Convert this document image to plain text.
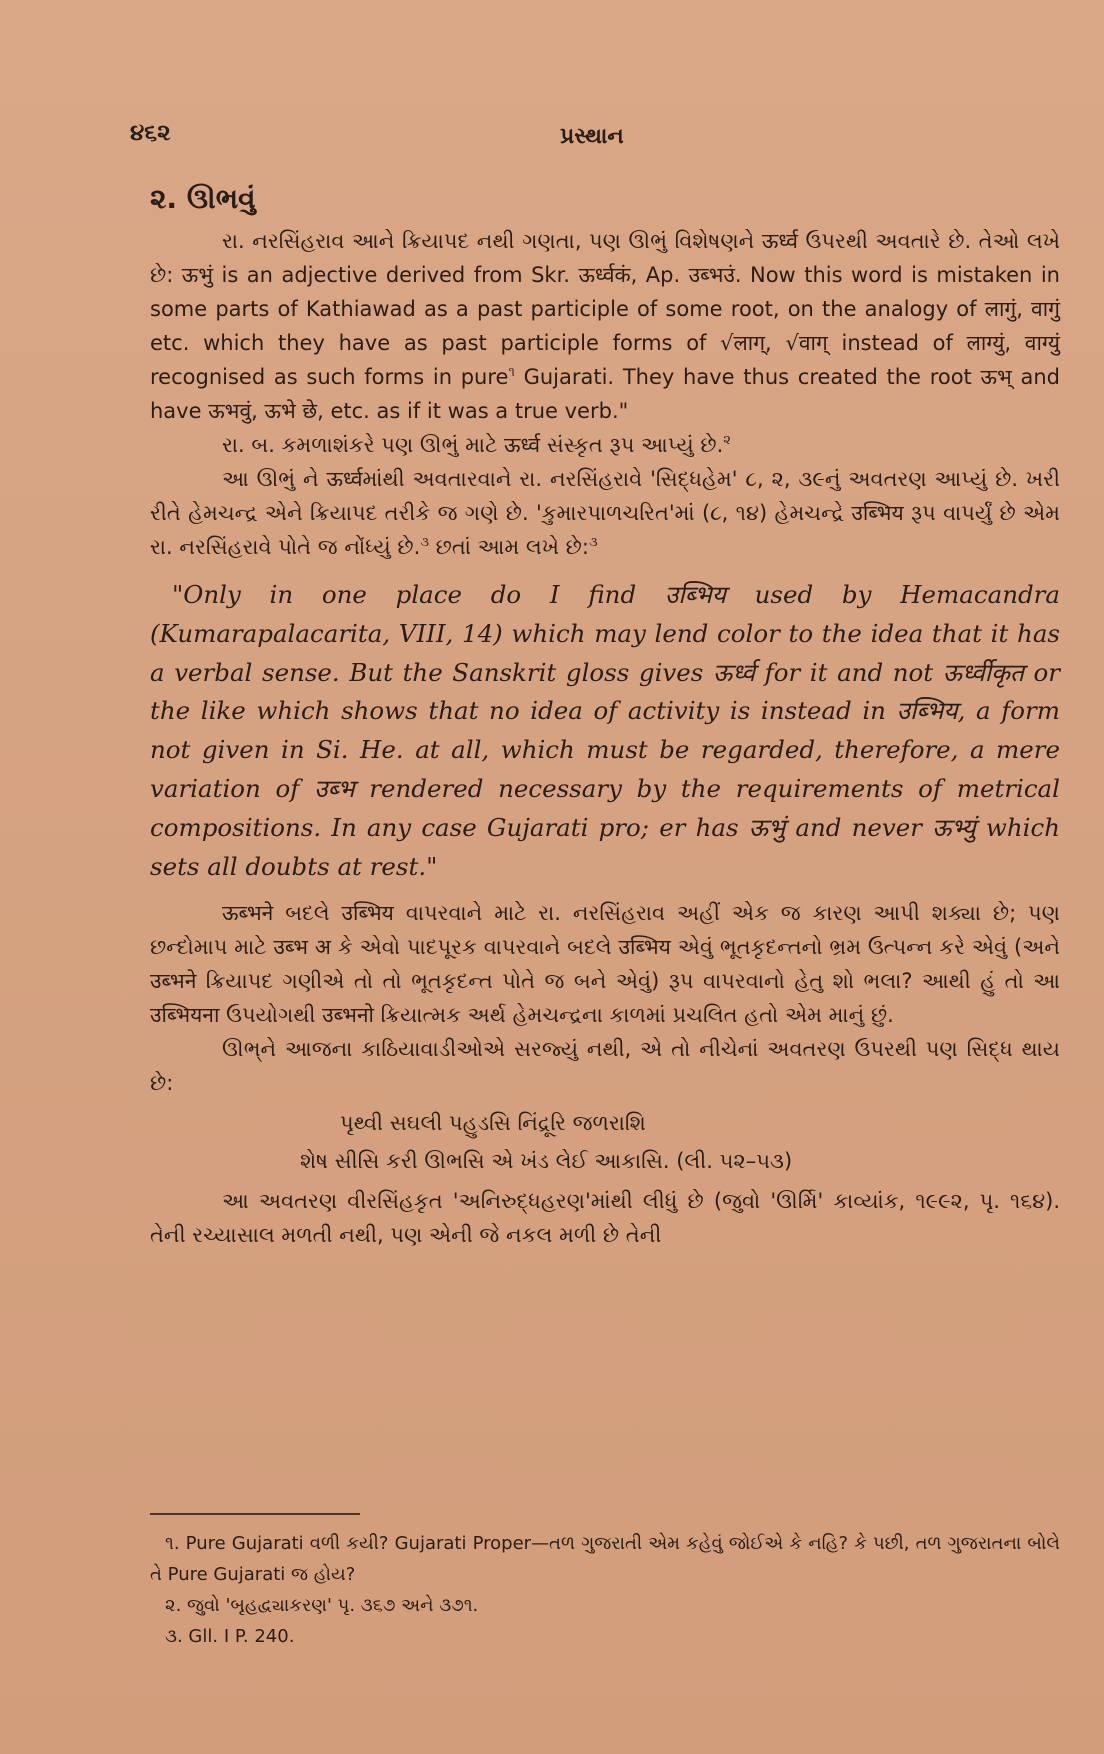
૪૬૨	પ્રસ્થાન
૨. ઊભવું

રા. નરસિંહરાવ આને ક્રિયાપદ નથી ગણતા, પણ ઊભું વિશેષણને ऊर्ध्व ઉપરથી અવતારે છે. તેઓ લખે છે: ऊभुं is an adjective derived from Skr. ऊर्ध्वकं, Ap. उब्भउं. Now this word is mistaken in some parts of Kathiawad as a past participle of some root, on the analogy of लागुं, वागुं etc. which they have as past participle forms of √लाग्, √वाग् instead of लाग्युं, वाग्युं recognised as such forms in pure$^૧$ Gujarati. They have thus created the root ऊभ् and have ऊभवुं, ऊभे छे, etc. as if it was a true verb."

રા. બ. કમળાશંકરે પણ ઊભું માટે ऊर्ध्व સંસ્કૃત રૂપ આપ્યું છે.$^૨$

આ ઊભું ને ऊर्ध्वમાંથી અવતારવાને રા. નરસિંહરાવે 'સિદ્ધહેમ' ૮, ૨, ૩૯નું અવતરણ આપ્યું છે. ખરી રીતે હેમચન્દ્ર એને ક્રિયાપદ તરીકે જ ગણે છે. 'કુમારપાળચરિત'માં (૮, ૧૪) હેમચન્દ્રે उब्भिय રૂપ વાપર્યું છે એમ રા. નરસિંહરાવે પોતે જ નોંધ્યું છે.$^૩$ છતાં આમ લખે છે:$^૩$

"Only in one place do I find उब्भिय used by Hemacandra (Kumarapalacarita, VIII, 14) which may lend color to the idea that it has a verbal sense. But the Sanskrit gloss gives ऊर्ध्व for it and not ऊर्ध्वीकृत or the like which shows that no idea of activity is instead in उब्भिय, a form not given in Si. He. at all, which must be regarded, therefore, a mere variation of उब्भ rendered necessary by the requirements of metrical compositions. In any case Gujarati pro; er has ऊभुं and never ऊभ्युं which sets all doubts at rest."

ऊब्भने બદલે उब्भिय વાપરવાને માટે રા. નરસિંહરાવ અહીં એક જ કારણ આપી શક્યા છે; પણ છન્દોમાપ માટે उब्भ अ કે એવો પાદપૂરક વાપરવાને બદલે उब्भिय એવું ભૂતકૃદન્તનો ભ્રમ ઉત્પન્ન કરે એવું (અને उब्भने ક્રિયાપદ ગણીએ તો તો ભૂતકૃદન્ત પોતે જ બને એવું) રૂપ વાપરવાનો હેતુ શો ભલા? આથી હું તો આ उब्भियना ઉપયોગથી उब्भनो ક્રિયાત્મક અર્થ હેમચન્દ્રના કાળમાં પ્રચલિત હતો એમ માનું છું.

ઊભ્‌ને આજના કાઠિયાવાડીઓએ સરજ્યું નથી, એ તો નીચેનાં અવતરણ ઉપરથી પણ સિદ્ધ થાય છે:

પૃથ્વી સઘલી પહુડસિ નિંદ્રૂરિ જળરાશિ
શેષ સીસિ કરી ઊભસિ એ ખંડ લેઈ આકાસિ. (લી. ૫૨–૫૩)

આ અવતરણ વીરસિંહકૃત 'અનિરુદ્ધહરણ'માંથી લીધું છે (જુવો 'ઊર્મિ' કાવ્યાંક, ૧૯૯૨, પૃ. ૧૬૪). તેની રચ્યાસાલ મળતી નથી, પણ એની જે નકલ મળી છે તેની

૧. Pure Gujarati વળી કયી? Gujarati Proper—તળ ગુજરાતી એમ કહેવું જોઈએ કે નહિ? કે પછી, તળ ગુજરાતના બોલે તે Pure Gujarati જ હોય?

૨. જુવો 'બૃહદ્વ્યાકરણ' પૃ. ૩૬૭ અને ૩૭૧.

૩. Gll. I P. 240.
